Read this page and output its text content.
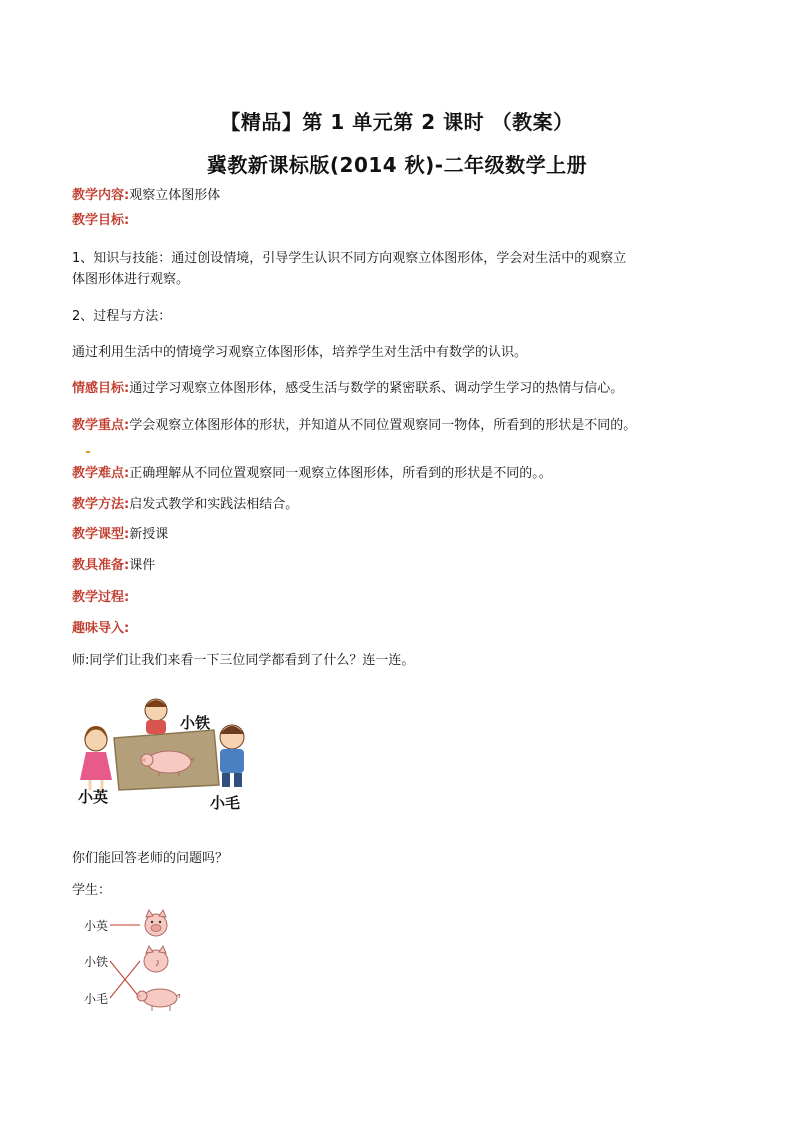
【精品】第 1 单元第 2 课时 （教案）
冀教新课标版(2014 秋)-二年级数学上册
教学内容:观察立体图形体
教学目标:
1、知识与技能：通过创设情境，引导学生认识不同方向观察立体图形体，学会对生活中的观察立
体图形体进行观察。
2、过程与方法：
通过利用生活中的情境学习观察立体图形体，培养学生对生活中有数学的认识。
情感目标:通过学习观察立体图形体，感受生活与数学的紧密联系、调动学生学习的热情与信心。
教学重点:学会观察立体图形体的形状，并知道从不同位置观察同一物体，所看到的形状是不同的。
教学难点:正确理解从不同位置观察同一观察立体图形体，所看到的形状是不同的。。
教学方法:启发式教学和实践法相结合。
教学课型:新授课
教具准备:课件
教学过程:
趣味导入:
师:同学们让我们来看一下三位同学都看到了什么？连一连。
小铁
小英	小毛
你们能回答老师的问题吗？
学生：
小英
小铁
小毛
